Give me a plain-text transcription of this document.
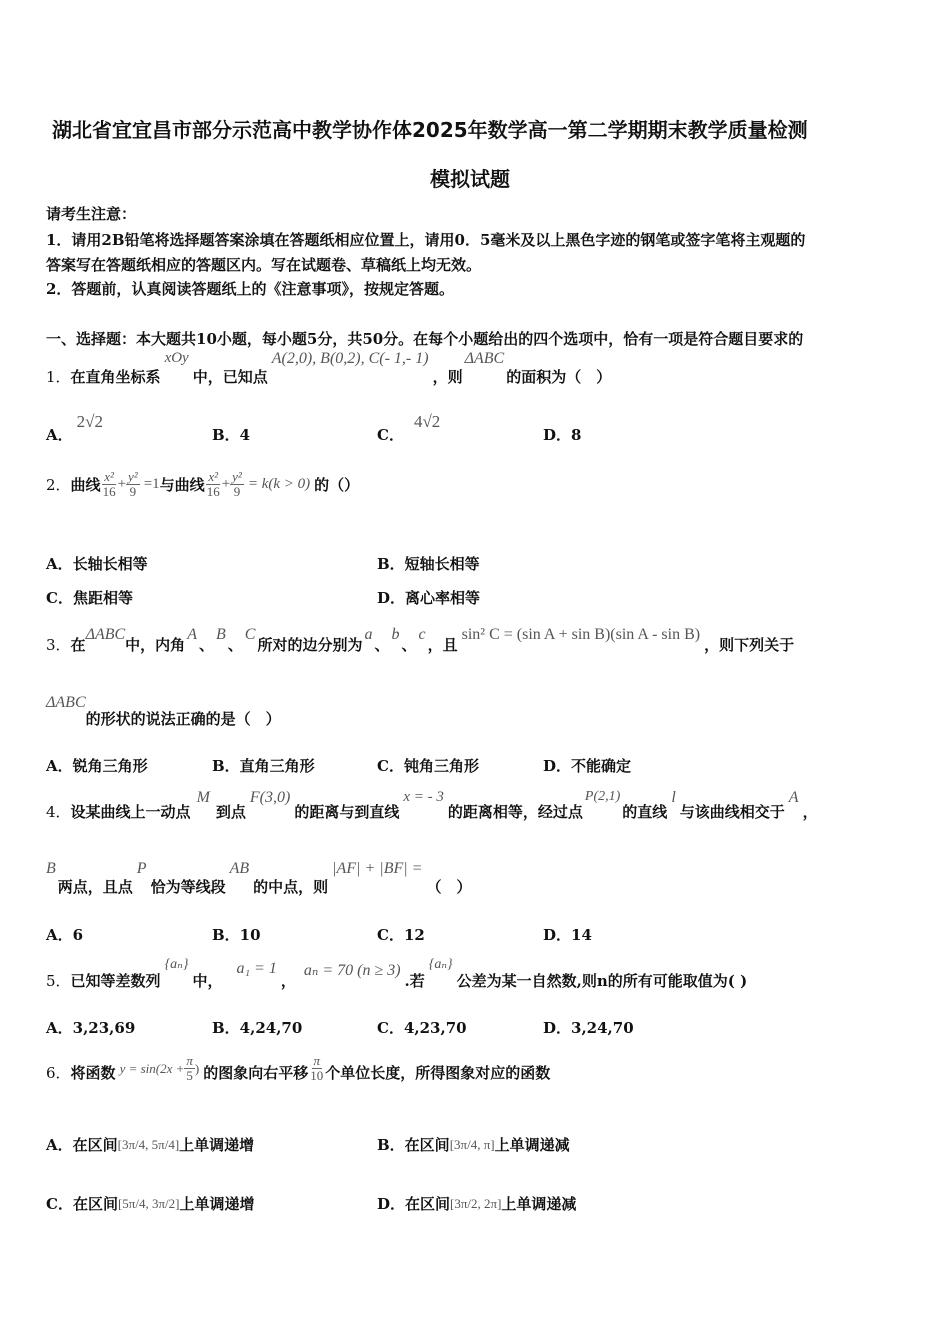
湖北省宜宜昌市部分示范高中教学协作体2025年数学高一第二学期期末教学质量检测
模拟试题
请考生注意：
1．请用2B铅笔将选择题答案涂填在答题纸相应位置上，请用0．5毫米及以上黑色字迹的钢笔或签字笔将主观题的
答案写在答题纸相应的答题区内。写在试题卷、草稿纸上均无效。
2．答题前，认真阅读答题纸上的《注意事项》，按规定答题。
一、选择题：本大题共10小题，每小题5分，共50分。在每个小题给出的四个选项中，恰有一项是符合题目要求的
1． 在直角坐标系
xOy
中，已知点
A(2,0), B(0,2), C(- 1,- 1)
，则
ΔABC
的面积为（　）
A．
2√2
B．4	C．
4√2
D．8
2． 曲线 $\frac{\text{x²}}{16} + \frac{\text{y²}}{9} =1$ 与曲线 $\frac{\text{x²}}{16} + \frac{\text{y²}}{9} = k(k > 0)$ 的（）
A．长轴长相等	B．短轴长相等
C．焦距相等	D．离心率相等
3． 在
ΔABC
中，内角
A
、
B
、
C
所对的边分别为
a
、
b
、
c
，且
sin² C = (sin A + sin B)(sin A - sin B)
，则下列关于
ΔABC
的形状的说法正确的是（　）
A．锐角三角形	B．直角三角形	C．钝角三角形	D．不能确定
4． 设某曲线上一动点
M
到点
F(3,0)
的距离与到直线
x = - 3
的距离相等，经过点
P(2,1)
的直线
l
与该曲线相交于
A
，
B
两点，且点
P
恰为等线段
AB
的中点，则
|AF| + |BF| =
（　）
A．6	B．10	C．12	D．14
5． 已知等差数列
{aₙ}
中，
a₁ = 1
，
aₙ = 70 (n ≥ 3)
.若
{aₙ}
公差为某一自然数,则n的所有可能取值为( )
A．3,23,69	B．4,24,70	C．4,23,70	D．3,24,70
6． 将函数 $y = \sin(2x + \frac{\pi}{5}$ ) 的图象向右平移 $\frac{\pi}{10}$ 个单位长度，所得图象对应的函数
A．在区间 [3π/4, 5π/4] 上单调递增	B．在区间 [3π/4, π] 上单调递减
C．在区间 [5π/4, 3π/2] 上单调递增	D．在区间 [3π/2, 2π] 上单调递减
